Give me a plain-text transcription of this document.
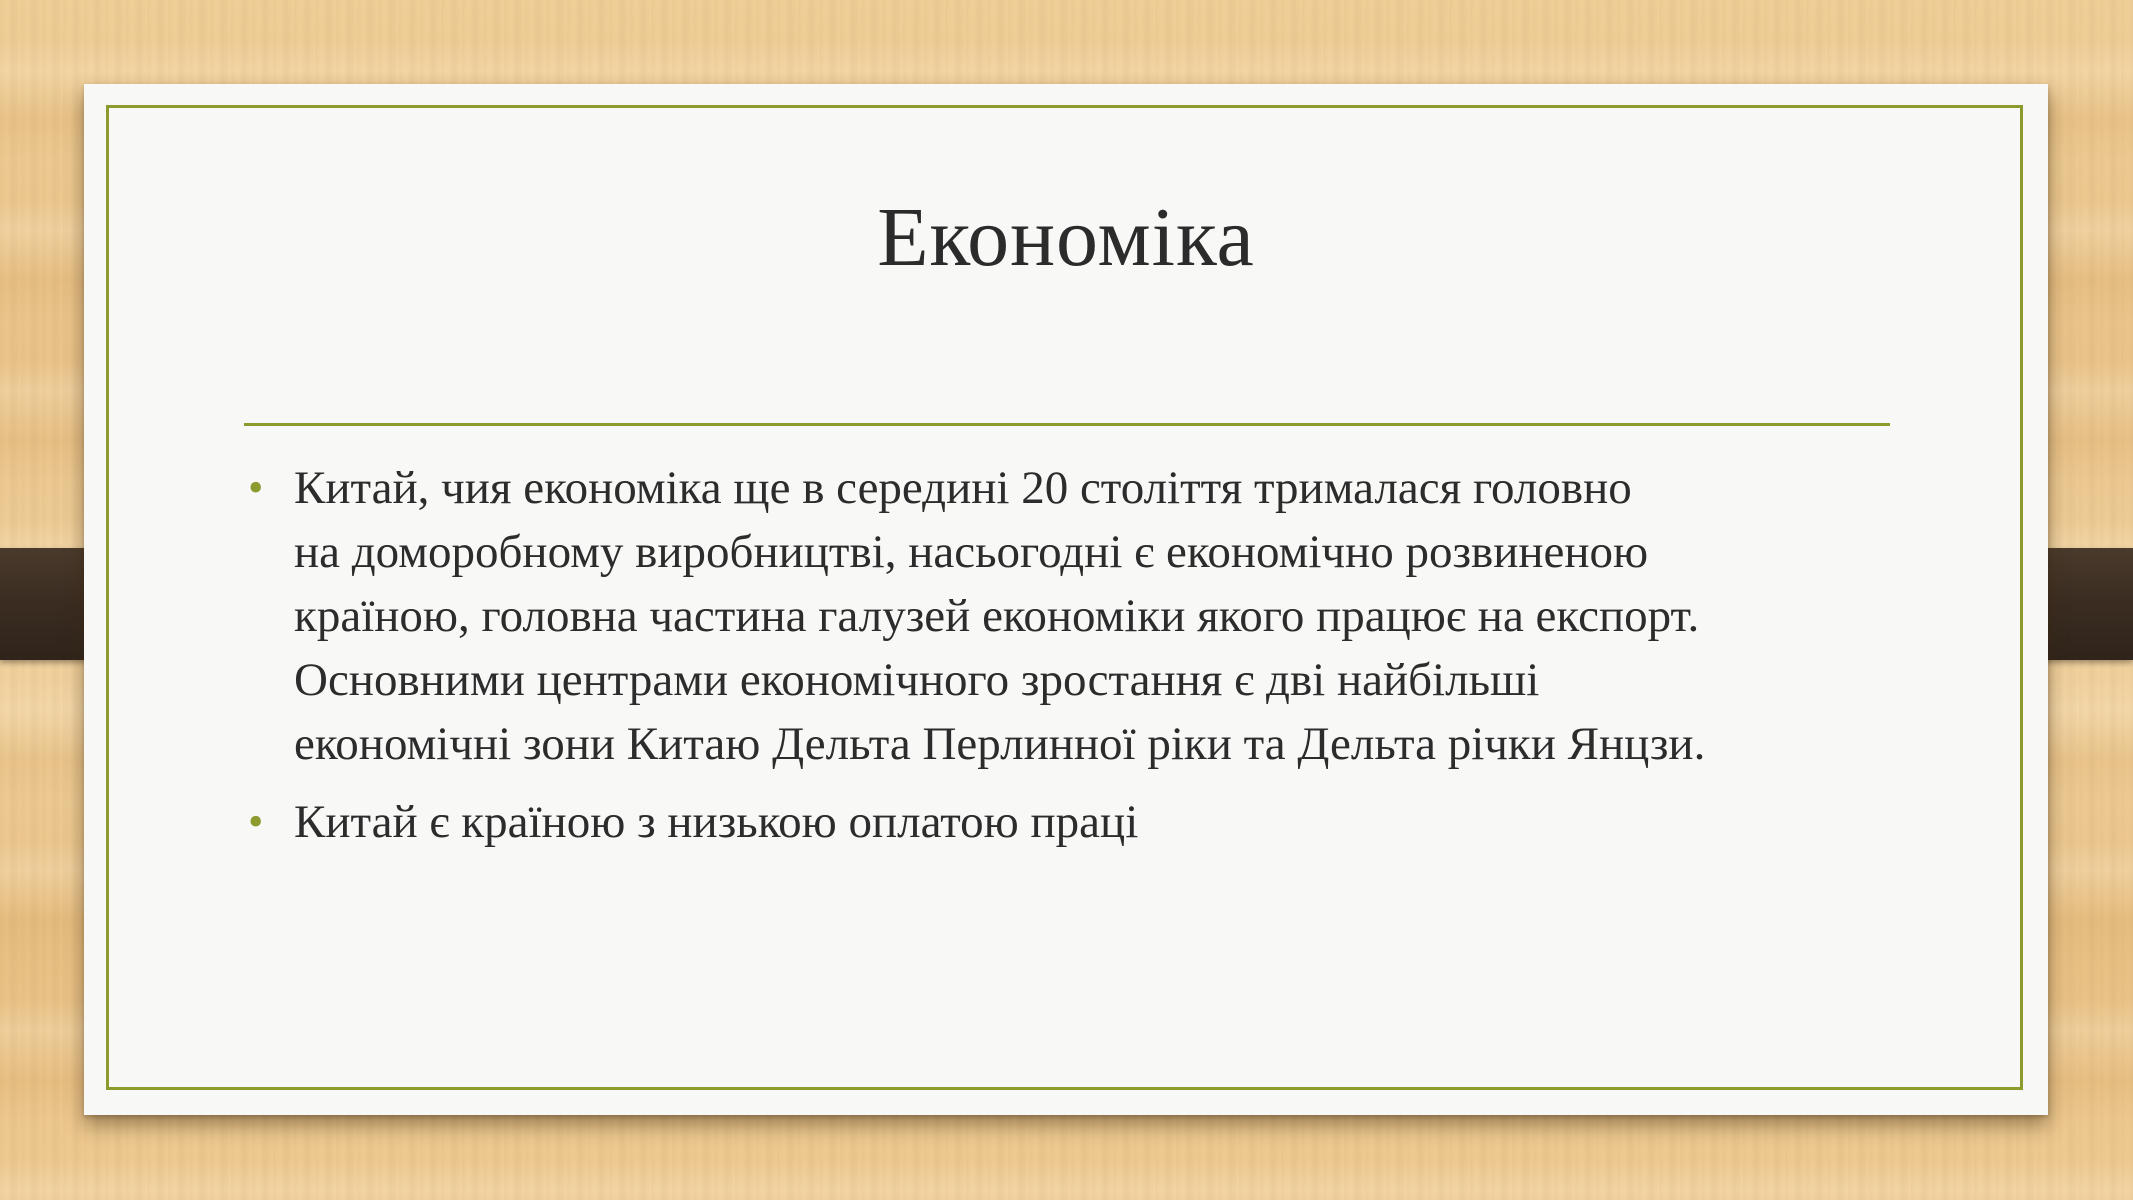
Економіка
• Китай, чия економіка ще в середині 20 століття трималася головно
на доморобному виробництві, насьогодні є економічно розвиненою
країною, головна частина галузей економіки якого працює на експорт.
Основними центрами економічного зростання є дві найбільші
економічні зони Китаю Дельта Перлинної ріки та Дельта річки Янцзи.
• Китай є країною з низькою оплатою праці
